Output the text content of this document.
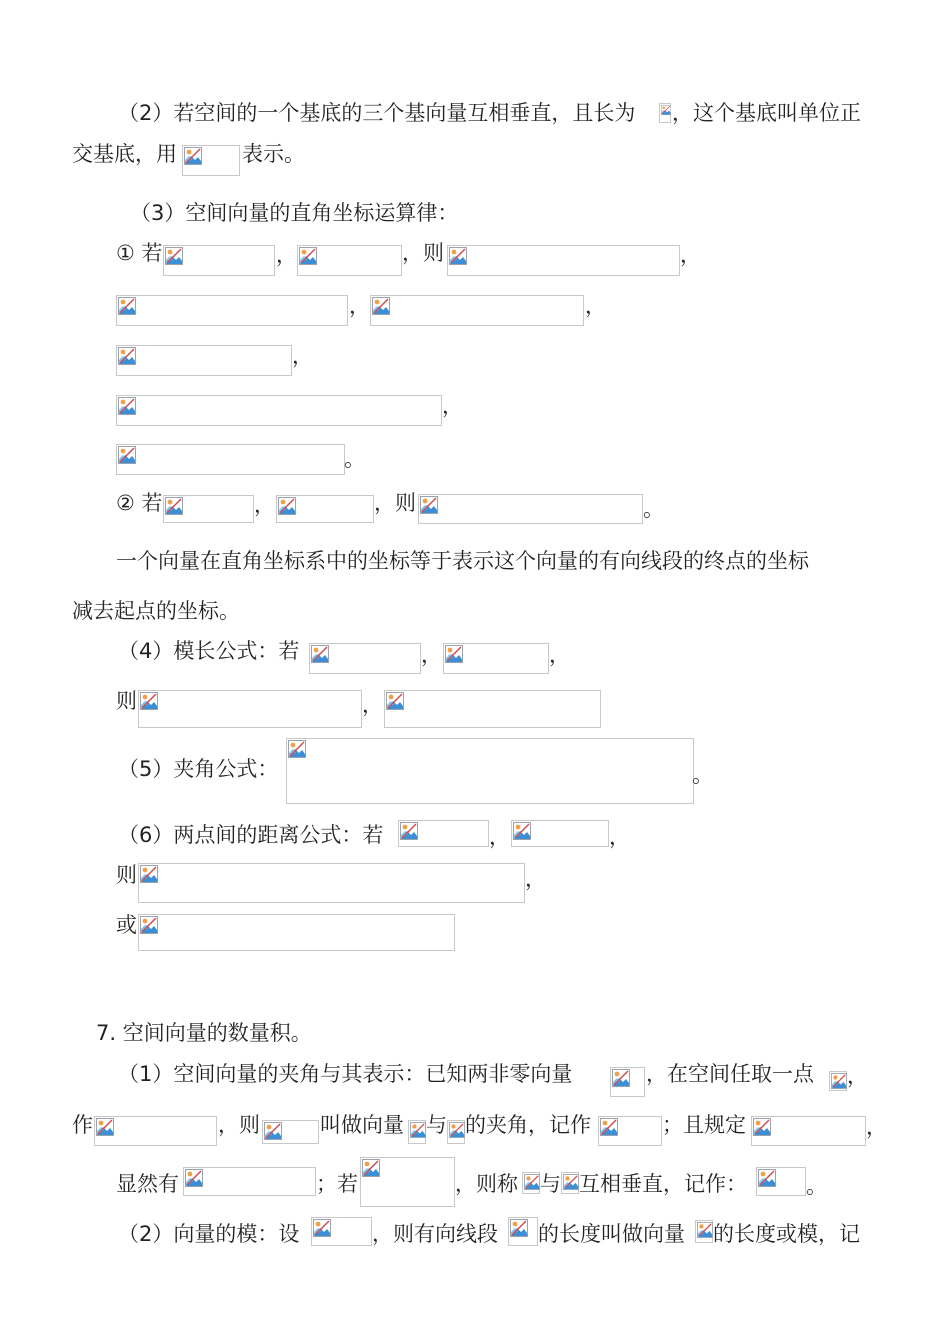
（2）若空间的一个基底的三个基向量互相垂直，且长为 ，这个基底叫单位正
交基底，用	表示。
（3）空间向量的直角坐标运算律：
① 若	，	，则	，
，	，
，
，
。
② 若	，	，则	。
一个向量在直角坐标系中的坐标等于表示这个向量的有向线段的终点的坐标
减去起点的坐标。
（4）模长公式：若	，	，
则	，
（5）夹角公式：	。
（6）两点间的距离公式：若	，	，
则	，
或
7. 空间向量的数量积。
（1）空间向量的夹角与其表示：已知两非零向量	，在空间任取一点 ，
作	，则	叫做向量 与 的夹角，记作	；且规定	，
显然有	；若	，则称 与 互相垂直，记作：	。
（2）向量的模：设	，则有向线段 的长度叫做向量 的长度或模，记
